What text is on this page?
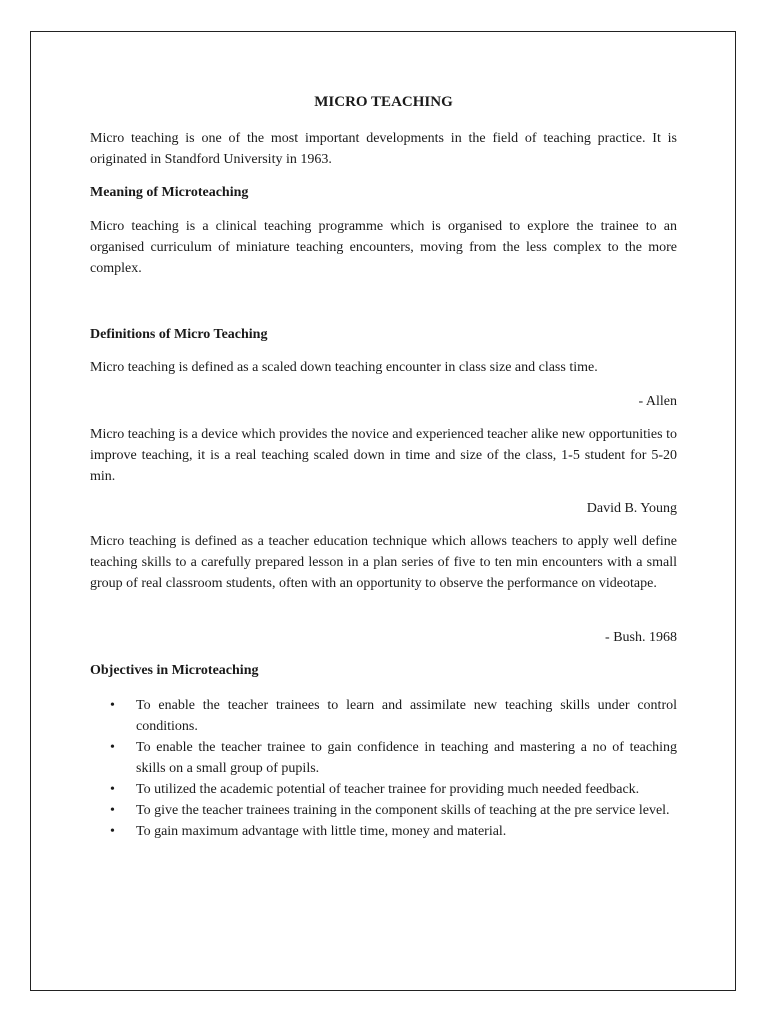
MICRO TEACHING

Micro teaching is one of the most important developments in the field of teaching practice. It is originated in Standford University in 1963.

Meaning of Microteaching

Micro teaching is a clinical teaching programme which is organised to explore the trainee to an organised curriculum of miniature teaching encounters, moving from the less complex to the more complex.

Definitions of Micro Teaching

Micro teaching is defined as a scaled down teaching encounter in class size and class time.

- Allen

Micro teaching is a device which provides the novice and experienced teacher alike new opportunities to improve teaching, it is a real teaching scaled down in time and size of the class, 1-5 student for 5-20 min.

David B. Young

Micro teaching is defined as a teacher education technique which allows teachers to apply well define teaching skills to a carefully prepared lesson in a plan series of five to ten min encounters with a small group of real classroom students, often with an opportunity to observe the performance on videotape.

- Bush. 1968

Objectives in Microteaching
• To enable the teacher trainees to learn and assimilate new teaching skills under control conditions.
• To enable the teacher trainee to gain confidence in teaching and mastering a no of teaching skills on a small group of pupils.
• To utilized the academic potential of teacher trainee for providing much needed feedback.
• To give the teacher trainees training in the component skills of teaching at the pre service level.
• To gain maximum advantage with little time, money and material.
